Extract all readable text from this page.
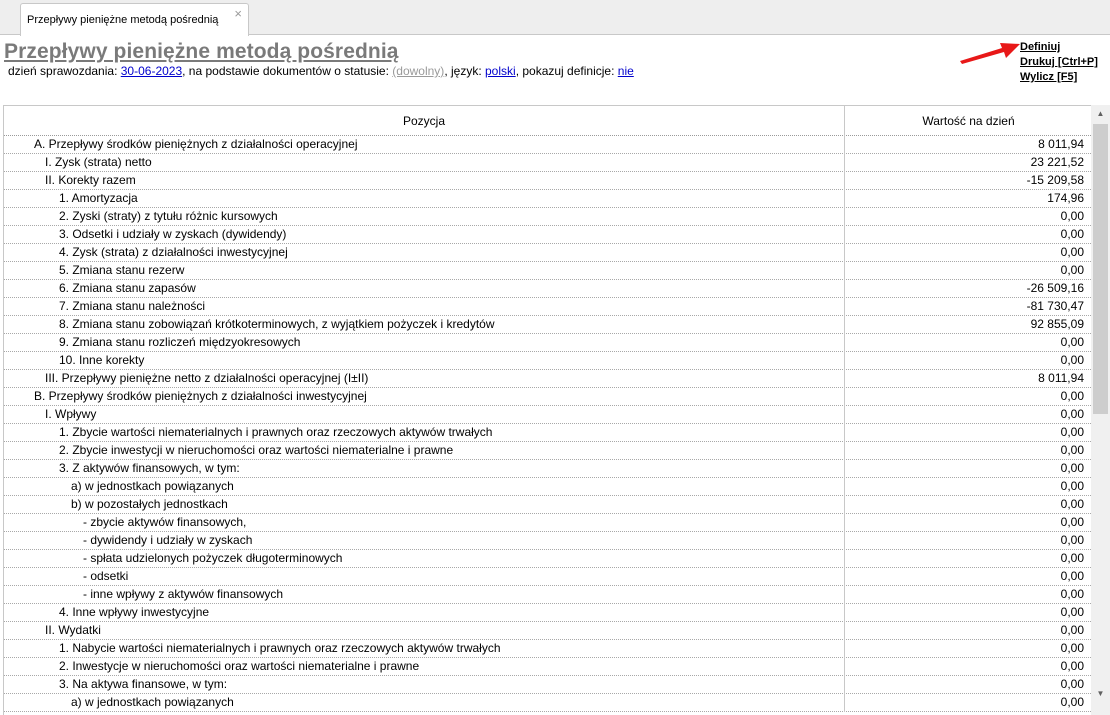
Przepływy pieniężne metodą pośrednią ×
Przepływy pieniężne metodą pośrednią
dzień sprawozdania: 30-06-2023, na podstawie dokumentów o statusie: (dowolny), język: polski, pokazuj definicje: nie
Definiuj
Drukuj [Ctrl+P]
Wylicz [F5]
Pozycja	Wartość na dzień
A. Przepływy środków pieniężnych z działalności operacyjnej	8 011,94
I. Zysk (strata) netto	23 221,52
II. Korekty razem	-15 209,58
1. Amortyzacja	174,96
2. Zyski (straty) z tytułu różnic kursowych	0,00
3. Odsetki i udziały w zyskach (dywidendy)	0,00
4. Zysk (strata) z działalności inwestycyjnej	0,00
5. Zmiana stanu rezerw	0,00
6. Zmiana stanu zapasów	-26 509,16
7. Zmiana stanu należności	-81 730,47
8. Zmiana stanu zobowiązań krótkoterminowych, z wyjątkiem pożyczek i kredytów	92 855,09
9. Zmiana stanu rozliczeń międzyokresowych	0,00
10. Inne korekty	0,00
III. Przepływy pieniężne netto z działalności operacyjnej (I±II)	8 011,94
B. Przepływy środków pieniężnych z działalności inwestycyjnej	0,00
I. Wpływy	0,00
1. Zbycie wartości niematerialnych i prawnych oraz rzeczowych aktywów trwałych	0,00
2. Zbycie inwestycji w nieruchomości oraz wartości niematerialne i prawne	0,00
3. Z aktywów finansowych, w tym:	0,00
a) w jednostkach powiązanych	0,00
b) w pozostałych jednostkach	0,00
- zbycie aktywów finansowych,	0,00
- dywidendy i udziały w zyskach	0,00
- spłata udzielonych pożyczek długoterminowych	0,00
- odsetki	0,00
- inne wpływy z aktywów finansowych	0,00
4. Inne wpływy inwestycyjne	0,00
II. Wydatki	0,00
1. Nabycie wartości niematerialnych i prawnych oraz rzeczowych aktywów trwałych	0,00
2. Inwestycje w nieruchomości oraz wartości niematerialne i prawne	0,00
3. Na aktywa finansowe, w tym:	0,00
a) w jednostkach powiązanych	0,00
▲
▼
